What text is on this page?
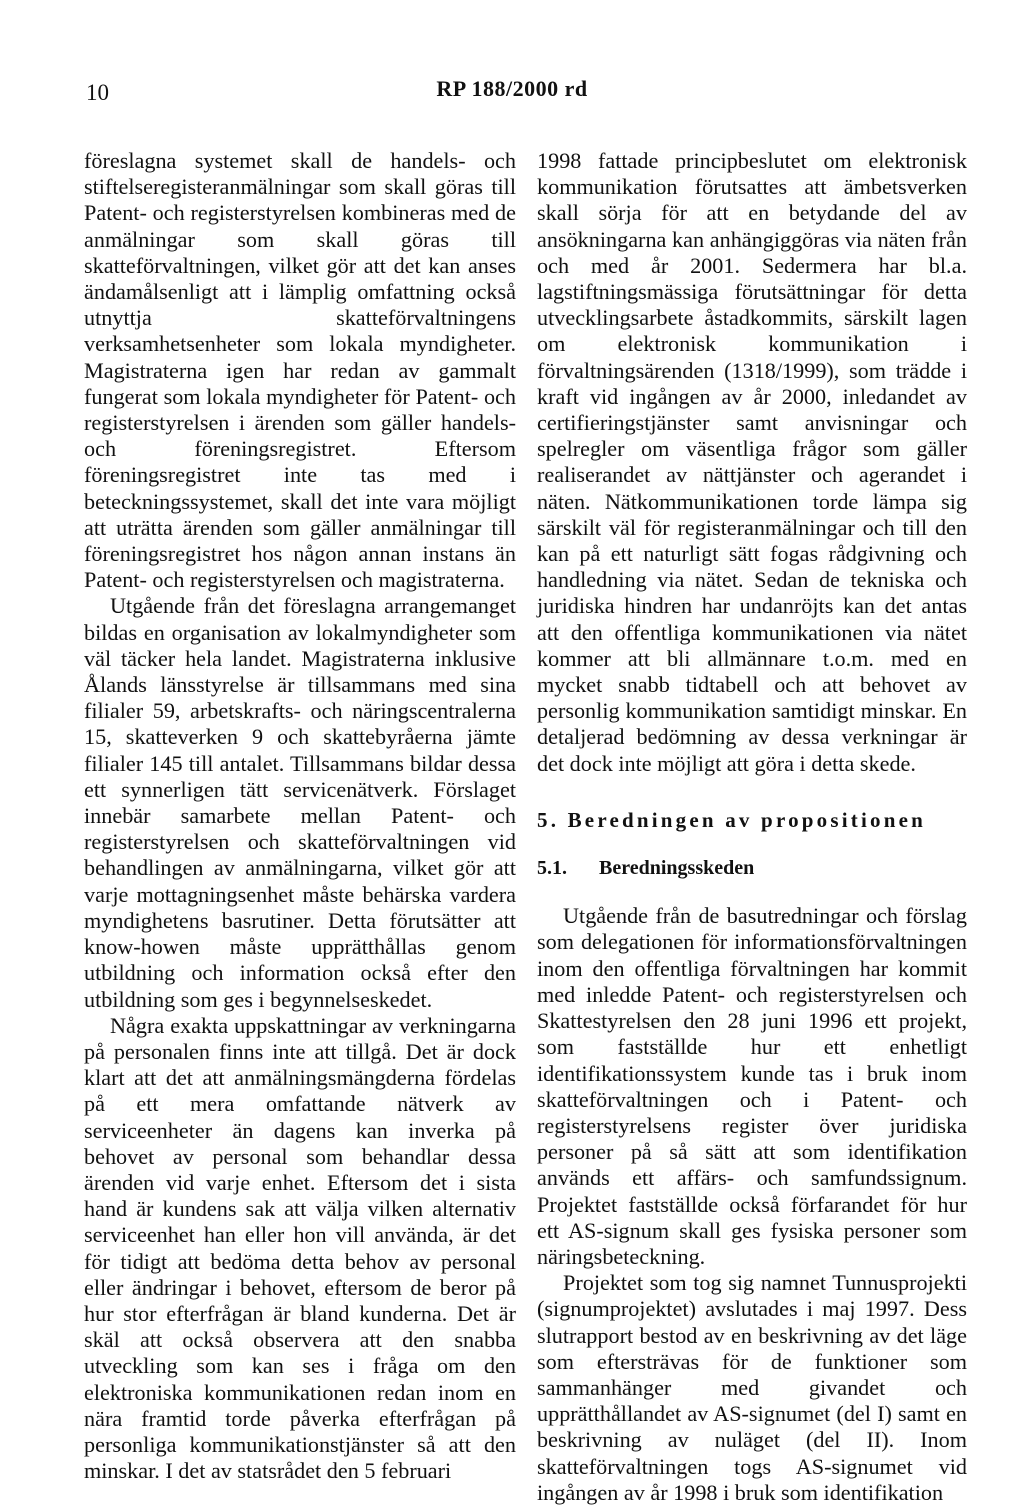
10	RP 188/2000 rd

föreslagna systemet skall de handels- och stiftelseregisteranmälningar som skall göras till Patent- och registerstyrelsen kombineras med de anmälningar som skall göras till skatteförvaltningen, vilket gör att det kan anses ändamålsenligt att i lämplig omfattning också utnyttja skatteförvaltningens verksamhetsenheter som lokala myndigheter. Magistraterna igen har redan av gammalt fungerat som lokala myndigheter för Patent- och registerstyrelsen i ärenden som gäller handels- och föreningsregistret. Eftersom föreningsregistret inte tas med i beteckningssystemet, skall det inte vara möjligt att uträtta ärenden som gäller anmälningar till föreningsregistret hos någon annan instans än Patent- och registerstyrelsen och magistraterna.

Utgående från det föreslagna arrangemanget bildas en organisation av lokalmyndigheter som väl täcker hela landet. Magistraterna inklusive Ålands länsstyrelse är tillsammans med sina filialer 59, arbetskrafts- och näringscentralerna 15, skatteverken 9 och skattebyråerna jämte filialer 145 till antalet. Tillsammans bildar dessa ett synnerligen tätt servicenätverk. Förslaget innebär samarbete mellan Patent- och registerstyrelsen och skatteförvaltningen vid behandlingen av anmälningarna, vilket gör att varje mottagningsenhet måste behärska vardera myndighetens basrutiner. Detta förutsätter att know-howen måste upprätthållas genom utbildning och information också efter den utbildning som ges i begynnelseskedet.

Några exakta uppskattningar av verkningarna på personalen finns inte att tillgå. Det är dock klart att det att anmälningsmängderna fördelas på ett mera omfattande nätverk av serviceenheter än dagens kan inverka på behovet av personal som behandlar dessa ärenden vid varje enhet. Eftersom det i sista hand är kundens sak att välja vilken alternativ serviceenhet han eller hon vill använda, är det för tidigt att bedöma detta behov av personal eller ändringar i behovet, eftersom de beror på hur stor efterfrågan är bland kunderna. Det är skäl att också observera att den snabba utveckling som kan ses i fråga om den elektroniska kommunikationen redan inom en nära framtid torde påverka efterfrågan på personliga kommunikationstjänster så att den minskar. I det av statsrådet den 5 februari

1998 fattade principbeslutet om elektronisk kommunikation förutsattes att ämbetsverken skall sörja för att en betydande del av ansökningarna kan anhängiggöras via näten från och med år 2001. Sedermera har bl.a. lagstiftningsmässiga förutsättningar för detta utvecklingsarbete åstadkommits, särskilt lagen om elektronisk kommunikation i förvaltningsärenden (1318/1999), som trädde i kraft vid ingången av år 2000, inledandet av certifieringstjänster samt anvisningar och spelregler om väsentliga frågor som gäller realiserandet av nättjänster och agerandet i näten. Nätkommunikationen torde lämpa sig särskilt väl för registeranmälningar och till den kan på ett naturligt sätt fogas rådgivning och handledning via nätet. Sedan de tekniska och juridiska hindren har undanröjts kan det antas att den offentliga kommunikationen via nätet kommer att bli allmännare t.o.m. med en mycket snabb tidtabell och att behovet av personlig kommunikation samtidigt minskar. En detaljerad bedömning av dessa verkningar är det dock inte möjligt att göra i detta skede.

5. Beredningen av propositionen
5.1.	Beredningsskeden

Utgående från de basutredningar och förslag som delegationen för informationsförvaltningen inom den offentliga förvaltningen har kommit med inledde Patent- och registerstyrelsen och Skattestyrelsen den 28 juni 1996 ett projekt, som fastställde hur ett enhetligt identifikationssystem kunde tas i bruk inom skatteförvaltningen och i Patent- och registerstyrelsens register över juridiska personer på så sätt att som identifikation används ett affärs- och samfundssignum. Projektet fastställde också förfarandet för hur ett AS-signum skall ges fysiska personer som näringsbeteckning.

Projektet som tog sig namnet Tunnusprojekti (signumprojektet) avslutades i maj 1997. Dess slutrapport bestod av en beskrivning av det läge som eftersträvas för de funktioner som sammanhänger med givandet och upprätthållandet av AS-signumet (del I) samt en beskrivning av nuläget (del II). Inom skatteförvaltningen togs AS-signumet vid ingången av år 1998 i bruk som identifikation
